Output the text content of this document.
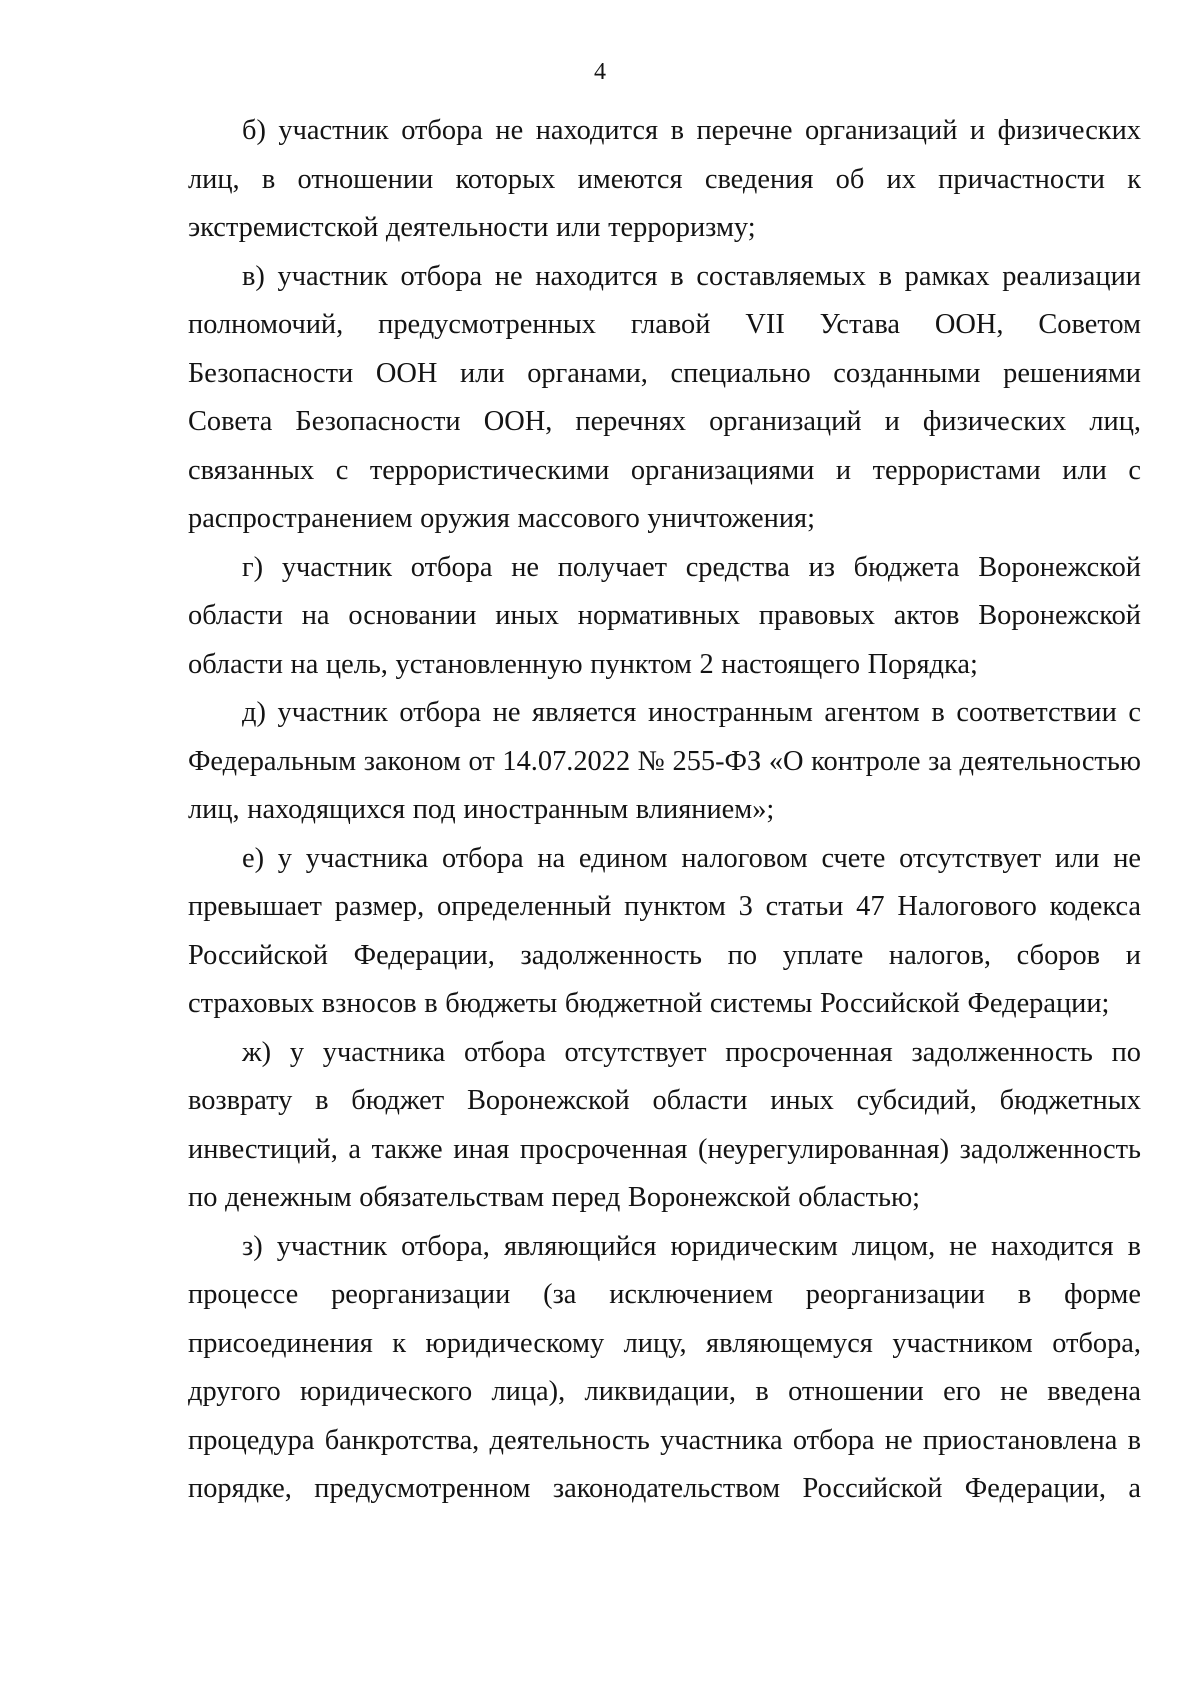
4

б) участник отбора не находится в перечне организаций и физических лиц, в отношении которых имеются сведения об их причастности к экстремистской деятельности или терроризму;

в) участник отбора не находится в составляемых в рамках реализации полномочий, предусмотренных главой VII Устава ООН, Советом Безопасности ООН или органами, специально созданными решениями Совета Безопасности ООН, перечнях организаций и физических лиц, связанных с террористическими организациями и террористами или с распространением оружия массового уничтожения;

г) участник отбора не получает средства из бюджета Воронежской области на основании иных нормативных правовых актов Воронежской области на цель, установленную пунктом 2 настоящего Порядка;

д) участник отбора не является иностранным агентом в соответствии с Федеральным законом от 14.07.2022 № 255-ФЗ «О контроле за деятельностью лиц, находящихся под иностранным влиянием»;

е) у участника отбора на едином налоговом счете отсутствует или не превышает размер, определенный пунктом 3 статьи 47 Налогового кодекса Российской Федерации, задолженность по уплате налогов, сборов и страховых взносов в бюджеты бюджетной системы Российской Федерации;

ж) у участника отбора отсутствует просроченная задолженность по возврату в бюджет Воронежской области иных субсидий, бюджетных инвестиций, а также иная просроченная (неурегулированная) задолженность по денежным обязательствам перед Воронежской областью;

з) участник отбора, являющийся юридическим лицом, не находится в процессе реорганизации (за исключением реорганизации в форме присоединения к юридическому лицу, являющемуся участником отбора, другого юридического лица), ликвидации, в отношении его не введена процедура банкротства, деятельность участника отбора не приостановлена в порядке, предусмотренном законодательством Российской Федерации, а
